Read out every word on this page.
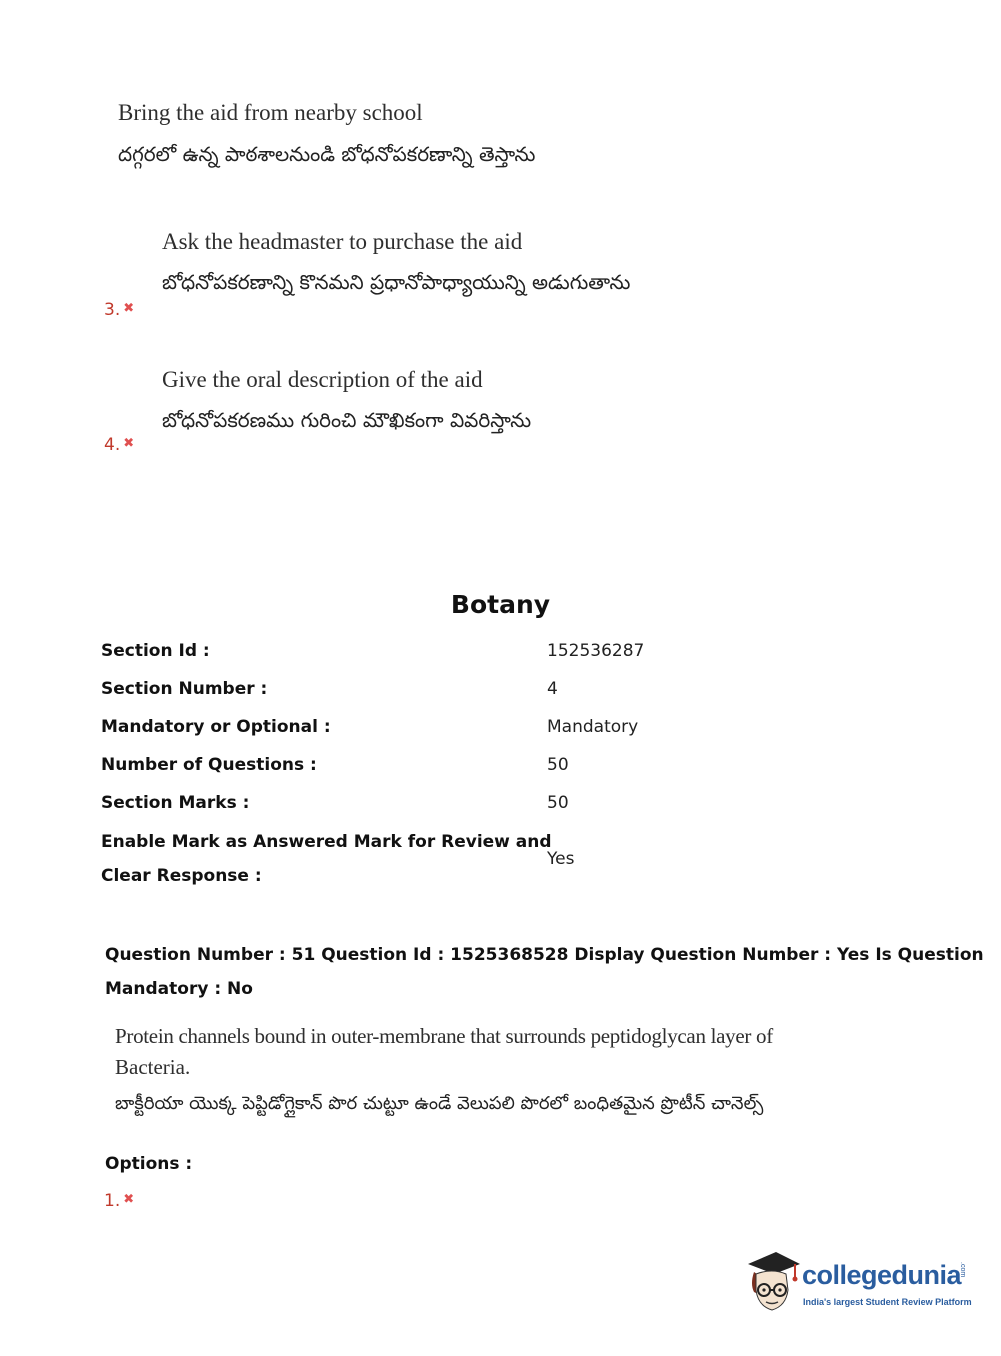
Bring the aid from nearby school
దగ్గరలో ఉన్న పాఠశాలనుండి బోధనోపకరణాన్ని తెస్తాను
Ask the headmaster to purchase the aid
బోధనోపకరణాన్ని కొనమని ప్రధానోపాధ్యాయున్ని అడుగుతాను
3. ✖
Give the oral description of the aid
బోధనోపకరణము గురించి మౌఖికంగా వివరిస్తాను
4. ✖
Botany
Section Id :	152536287
Section Number :	4
Mandatory or Optional :	Mandatory
Number of Questions :	50
Section Marks :	50
Enable Mark as Answered Mark for Review and
Clear Response :
Yes
Question Number : 51 Question Id : 1525368528 Display Question Number : Yes Is Question
Mandatory : No
Protein channels bound in outer-membrane that surrounds peptidoglycan layer of
Bacteria.
బాక్టీరియా యొక్క పెప్టిడోగ్లైకాన్ పొర చుట్టూ ఉండే వెలుపలి పొరలో బంధితమైన ప్రొటీన్ చానెల్స్
Options :
1. ✖
collegedunia
.com
India's largest Student Review Platform
